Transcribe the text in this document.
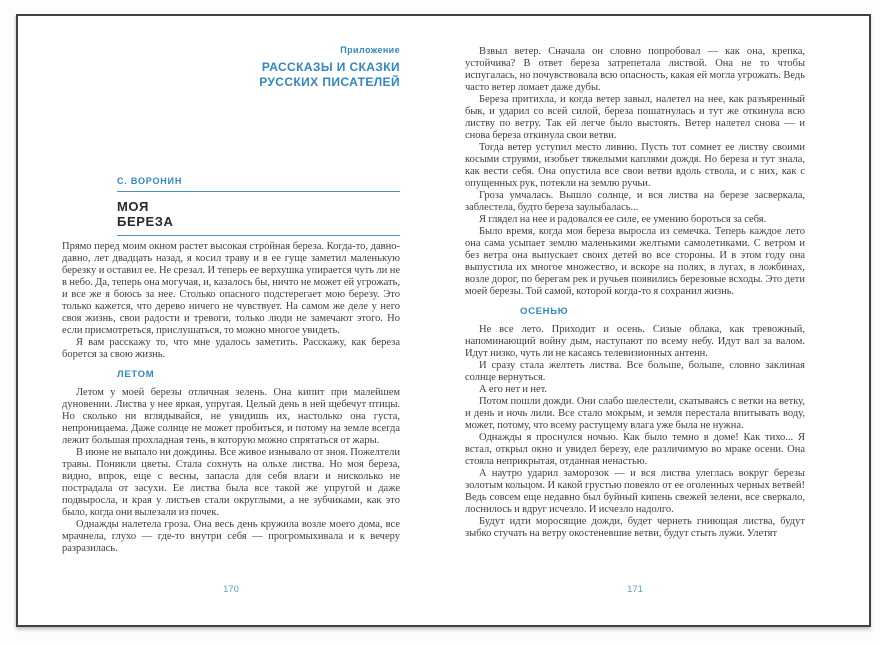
Приложение
РАССКАЗЫ И СКАЗКИ
РУССКИХ ПИСАТЕЛЕЙ
С. ВОРОНИН
МОЯ
БЕРЕЗА

Прямо перед моим окном растет высокая стройная береза. Когда-то, давно-давно, лет двадцать назад, я косил траву и в ее гуще заметил маленькую березку и оставил ее. Не срезал. И теперь ее верхушка упирается чуть ли не в небо. Да, теперь она могучая, и, казалось бы, ничто не может ей угрожать, и все же я боюсь за нее. Столько опасного подстерегает мою березу. Это только кажется, что дерево ничего не чувствует. На самом же деле у него своя жизнь, свои радости и тревоги, только люди не замечают этого. Но если присмотреться, прислушаться, то можно многое увидеть.

Я вам расскажу то, что мне удалось заметить. Расскажу, как береза борется за свою жизнь.

ЛЕТОМ

Летом у моей березы отличная зелень. Она кипит при малейшем дуновении. Листва у нее яркая, упругая. Целый день в ней щебечут птицы. Но сколько ни вглядывайся, не увидишь их, настолько она густа, непроницаема. Даже солнце не может пробиться, и потому на земле всегда лежит большая прохладная тень, в которую можно спрятаться от жары.

В июне не выпало ни дождины. Все живое изнывало от зноя. Пожелтели травы. Поникли цветы. Стала сохнуть на ольхе листва. Но моя береза, видно, впрок, еще с весны, запасла для себя влаги и нисколько не пострадала от засухи. Ее листва была все такой же упругой и даже подвыросла, и края у листьев стали округлыми, а не зубчиками, как это было, когда они вылезали из почек.

Однажды налетела гроза. Она весь день кружила возле моего дома, все мрачнела, глухо — где-то внутри себя — прогромыхивала и к вечеру разразилась.

170

Взвыл ветер. Сначала он словно попробовал — как она, крепка, устойчива? В ответ береза затрепетала листвой. Она не то чтобы испугалась, но почувствовала всю опасность, какая ей могла угрожать. Ведь часто ветер ломает даже дубы.

Береза притихла, и когда ветер завыл, налетел на нее, как разъяренный бык, и ударил со всей силой, береза пошатнулась и тут же откинула всю листву по ветру. Так ей легче было выстоять. Ветер налетел снова — и снова береза откинула свои ветви.

Тогда ветер уступил место ливню. Пусть тот сомнет ее листву своими косыми струями, изобьет тяжелыми каплями дождя. Но береза и тут знала, как вести себя. Она опустила все свои ветви вдоль ствола, и с них, как с опущенных рук, потекли на землю ручьи.

Гроза умчалась. Вышло солнце, и вся листва на березе засверкала, заблестела, будто береза заулыбалась...

Я глядел на нее и радовался ее силе, ее умению бороться за себя.

Было время, когда моя береза выросла из семечка. Теперь каждое лето она сама усыпает землю маленькими желтыми самолетиками. С ветром и без ветра она выпускает своих детей во все стороны. И в этом году она выпустила их многое множество, и вскоре на полях, в лугах, в ложбинах, возле дорог, по берегам рек и ручьев появились березовые всходы. Это дети моей березы. Той самой, которой когда-то я сохранил жизнь.

ОСЕНЬЮ

Не все лето. Приходит и осень. Сизые облака, как тревожный, напоминающий войну дым, наступают по всему небу. Идут вал за валом. Идут низко, чуть ли не касаясь телевизионных антенн.

И сразу стала желтеть листва. Все больше, больше, словно заклиная солнце вернуться.

А его нет и нет.

Потом пошли дожди. Они слабо шелестели, скатываясь с ветки на ветку, и день и ночь лили. Все стало мокрым, и земля перестала впитывать воду, может, потому, что всему растущему влага уже была не нужна.

Однажды я проснулся ночью. Как было темно в доме! Как тихо... Я встал, открыл окно и увидел березу, еле различимую во мраке осени. Она стояла неприкрытая, отданная ненастью.

А наутро ударил заморозок — и вся листва улеглась вокруг березы золотым кольцом. И какой грустью повеяло от ее оголенных черных ветвей! Ведь совсем еще недавно был буйный кипень свежей зелени, все сверкало, лоснилось и вдруг исчезло. И исчезло надолго.

Будут идти моросящие дожди, будет чернеть гниющая листва, будут зыбко стучать на ветру окостеневшие ветви, будут стыть лужи. Улетят

171
